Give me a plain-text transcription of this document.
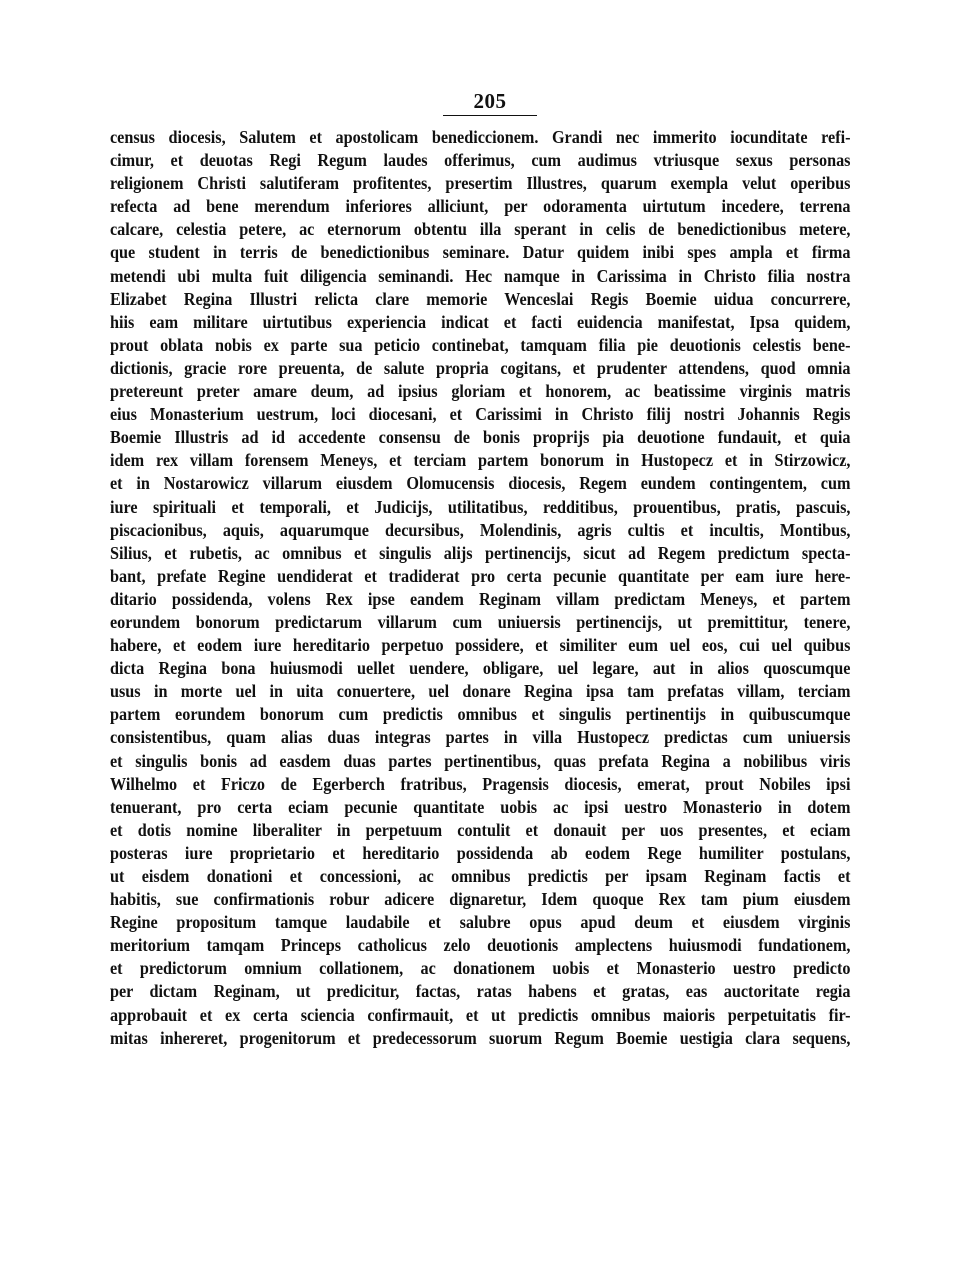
205
census diocesis, Salutem et apostolicam benediccionem. Grandi nec immerito iocunditate refi-
cimur, et deuotas Regi Regum laudes offerimus, cum audimus vtriusque sexus personas
religionem Christi salutiferam profitentes, presertim Illustres, quarum exempla velut operibus
refecta ad bene merendum inferiores alliciunt, per odoramenta uirtutum incedere, terrena
calcare, celestia petere, ac eternorum obtentu illa sperant in celis de benedictionibus metere,
que student in terris de benedictionibus seminare. Datur quidem inibi spes ampla et firma
metendi ubi multa fuit diligencia seminandi. Hec namque in Carissima in Christo filia nostra
Elizabet Regina Illustri relicta clare memorie Wenceslai Regis Boemie uidua concurrere,
hiis eam militare uirtutibus experiencia indicat et facti euidencia manifestat, Ipsa quidem,
prout oblata nobis ex parte sua peticio continebat, tamquam filia pie deuotionis celestis bene-
dictionis, gracie rore preuenta, de salute propria cogitans, et prudenter attendens, quod omnia
pretereunt preter amare deum, ad ipsius gloriam et honorem, ac beatissime virginis matris
eius Monasterium uestrum, loci diocesani, et Carissimi in Christo filij nostri Johannis Regis
Boemie Illustris ad id accedente consensu de bonis proprijs pia deuotione fundauit, et quia
idem rex villam forensem Meneys, et terciam partem bonorum in Hustopecz et in Stirzowicz,
et in Nostarowicz villarum eiusdem Olomucensis diocesis, Regem eundem contingentem, cum
iure spirituali et temporali, et Judicijs, utilitatibus, redditibus, prouentibus, pratis, pascuis,
piscacionibus, aquis, aquarumque decursibus, Molendinis, agris cultis et incultis, Montibus,
Silius, et rubetis, ac omnibus et singulis alijs pertinencijs, sicut ad Regem predictum specta-
bant, prefate Regine uendiderat et tradiderat pro certa pecunie quantitate per eam iure here-
ditario possidenda, volens Rex ipse eandem Reginam villam predictam Meneys, et partem
eorundem bonorum predictarum villarum cum uniuersis pertinencijs, ut premittitur, tenere,
habere, et eodem iure hereditario perpetuo possidere, et similiter eum uel eos, cui uel quibus
dicta Regina bona huiusmodi uellet uendere, obligare, uel legare, aut in alios quoscumque
usus in morte uel in uita conuertere, uel donare Regina ipsa tam prefatas villam, terciam
partem eorundem bonorum cum predictis omnibus et singulis pertinentijs in quibuscumque
consistentibus, quam alias duas integras partes in villa Hustopecz predictas cum uniuersis
et singulis bonis ad easdem duas partes pertinentibus, quas prefata Regina a nobilibus viris
Wilhelmo et Friczo de Egerberch fratribus, Pragensis diocesis, emerat, prout Nobiles ipsi
tenuerant, pro certa eciam pecunie quantitate uobis ac ipsi uestro Monasterio in dotem
et dotis nomine liberaliter in perpetuum contulit et donauit per uos presentes, et eciam
posteras iure proprietario et hereditario possidenda ab eodem Rege humiliter postulans,
ut eisdem donationi et concessioni, ac omnibus predictis per ipsam Reginam factis et
habitis, sue confirmationis robur adicere dignaretur, Idem quoque Rex tam pium eiusdem
Regine propositum tamque laudabile et salubre opus apud deum et eiusdem virginis
meritorium tamqam Princeps catholicus zelo deuotionis amplectens huiusmodi fundationem,
et predictorum omnium collationem, ac donationem uobis et Monasterio uestro predicto
per dictam Reginam, ut predicitur, factas, ratas habens et gratas, eas auctoritate regia
approbauit et ex certa sciencia confirmauit, et ut predictis omnibus maioris perpetuitatis fir-
mitas inhereret, progenitorum et predecessorum suorum Regum Boemie uestigia clara sequens,
